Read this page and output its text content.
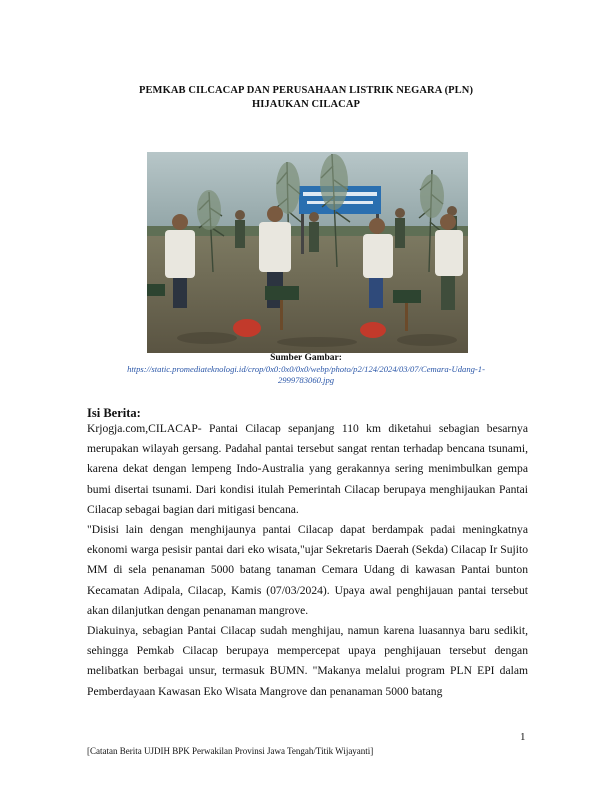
PEMKAB CILCACAP DAN PERUSAHAAN LISTRIK NEGARA (PLN)
HIJAUKAN CILACAP
Sumber Gambar:
https://static.promediateknologi.id/crop/0x0:0x0/0x0/webp/photo/p2/124/2024/03/07/Cemara-Udang-1-
2999783060.jpg
Isi Berita:

Krjogja.com,CILACAP- Pantai Cilacap sepanjang 110 km diketahui sebagian besarnya merupakan wilayah gersang. Padahal pantai tersebut sangat rentan terhadap bencana tsunami, karena dekat dengan lempeng Indo-Australia yang gerakannya sering menimbulkan gempa bumi disertai tsunami. Dari kondisi itulah Pemerintah Cilacap berupaya menghijaukan Pantai Cilacap sebagai bagian dari mitigasi bencana.

"Disisi lain dengan menghijaunya pantai Cilacap dapat berdampak padai meningkatnya ekonomi warga pesisir pantai dari eko wisata,"ujar Sekretaris Daerah (Sekda) Cilacap Ir Sujito MM di sela penanaman 5000 batang tanaman Cemara Udang di kawasan Pantai bunton Kecamatan Adipala, Cilacap, Kamis (07/03/2024). Upaya awal penghijauan pantai tersebut akan dilanjutkan dengan penanaman mangrove.

Diakuinya, sebagian Pantai Cilacap sudah menghijau, namun karena luasannya baru sedikit, sehingga Pemkab Cilacap berupaya mempercepat upaya penghijauan tersebut dengan melibatkan berbagai unsur, termasuk BUMN. "Makanya melalui program PLN EPI dalam Pemberdayaan Kawasan Eko Wisata Mangrove dan penanaman 5000 batang

1
[Catatan Berita UJDIH BPK Perwakilan Provinsi Jawa Tengah/Titik Wijayanti]
